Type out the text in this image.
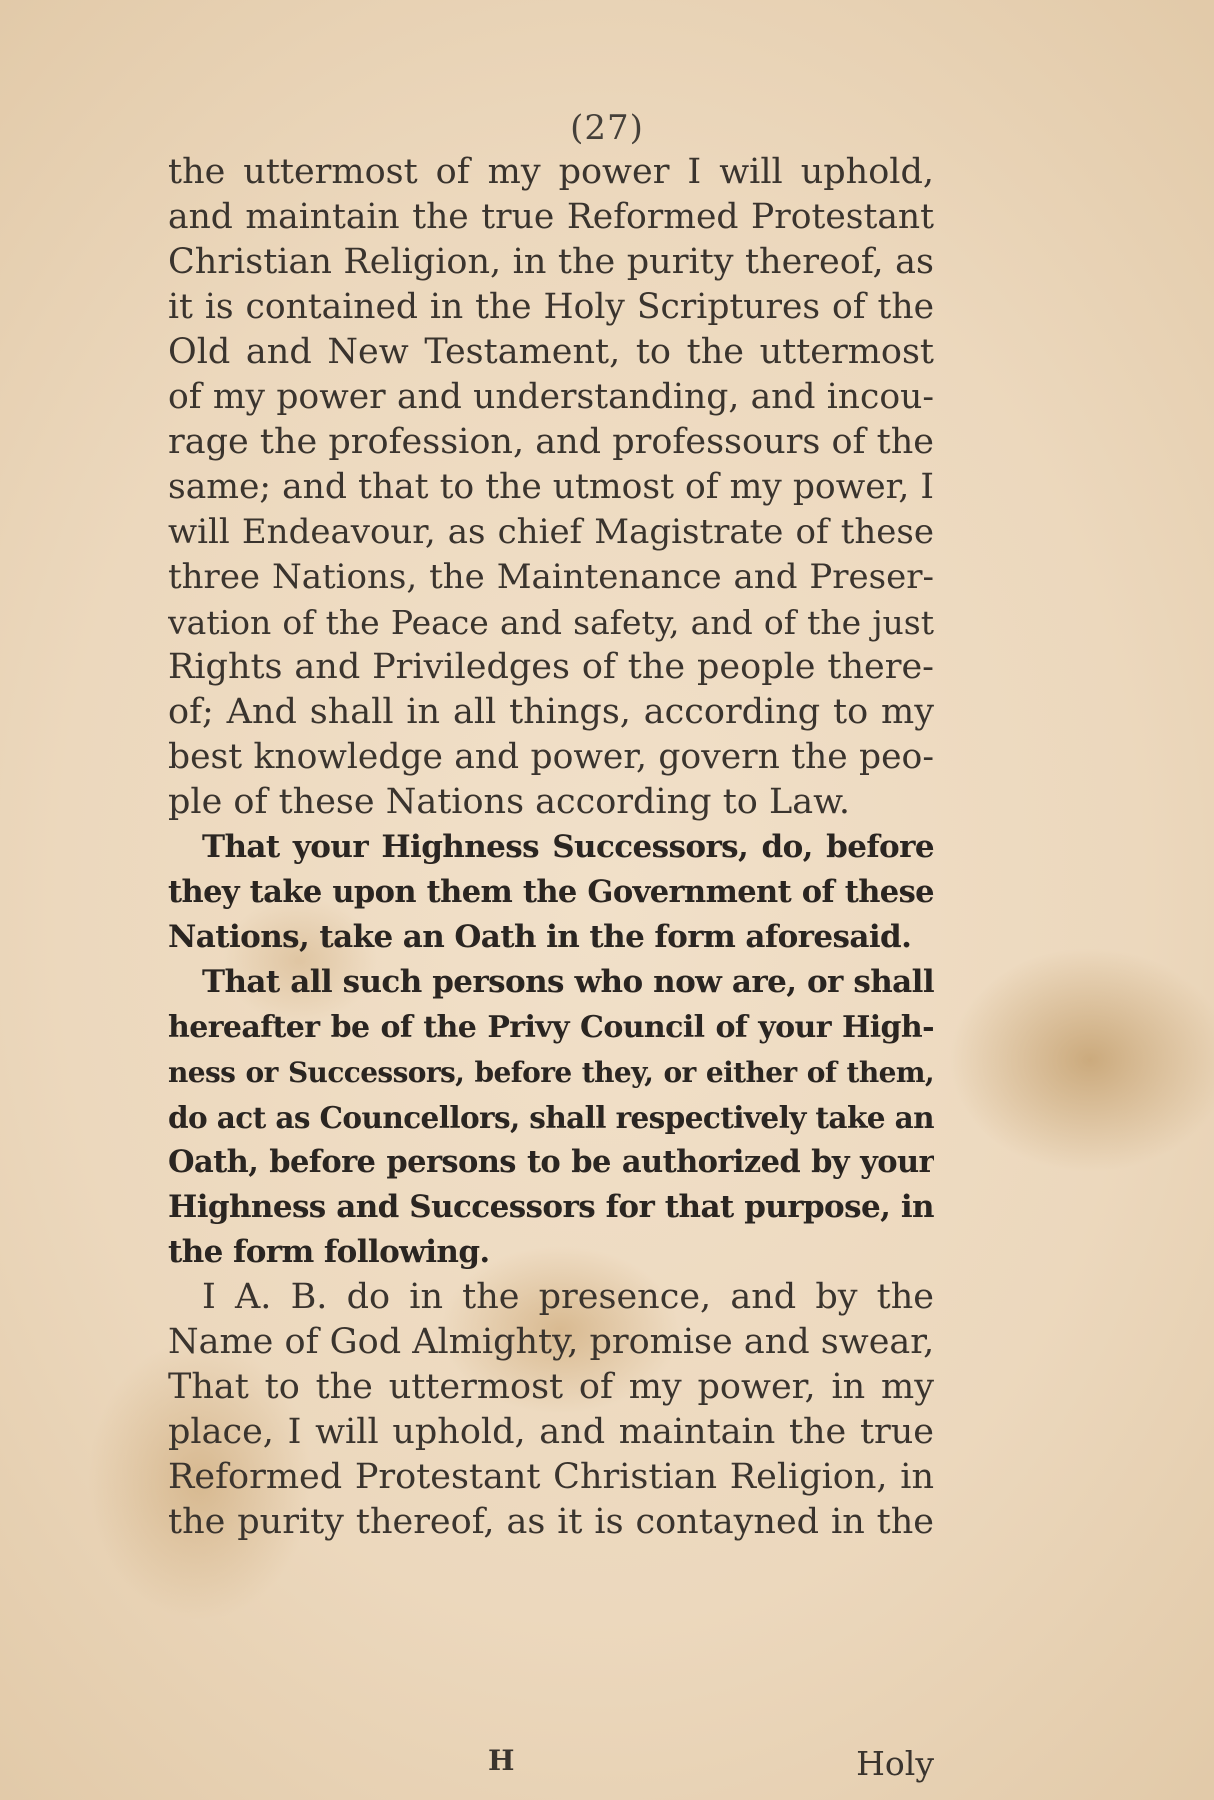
(27)
the uttermost of my power I will uphold,
and maintain the true Reformed Protestant
Christian Religion, in the purity thereof, as
it is contained in the Holy Scriptures of the
Old and New Testament, to the uttermost
of my power and understanding, and incou-
rage the profession, and professours of the
same; and that to the utmost of my power, I
will Endeavour, as chief Magistrate of these
three Nations, the Maintenance and Preser-
vation of the Peace and safety, and of the just
Rights and Priviledges of the people there-
of; And shall in all things, according to my
best knowledge and power, govern the peo-
ple of these Nations according to Law.
That your Highness Successors, do, before
they take upon them the Government of these
Nations, take an Oath in the form aforesaid.
That all such persons who now are, or shall
hereafter be of the Privy Council of your High-
ness or Successors, before they, or either of them,
do act as Councellors, shall respectively take an
Oath, before persons to be authorized by your
Highness and Successors for that purpose, in
the form following.
I A. B. do in the presence, and by the
Name of God Almighty, promise and swear,
That to the uttermost of my power, in my
place, I will uphold, and maintain the true
Reformed Protestant Christian Religion, in
the purity thereof, as it is contayned in the
H	Holy
